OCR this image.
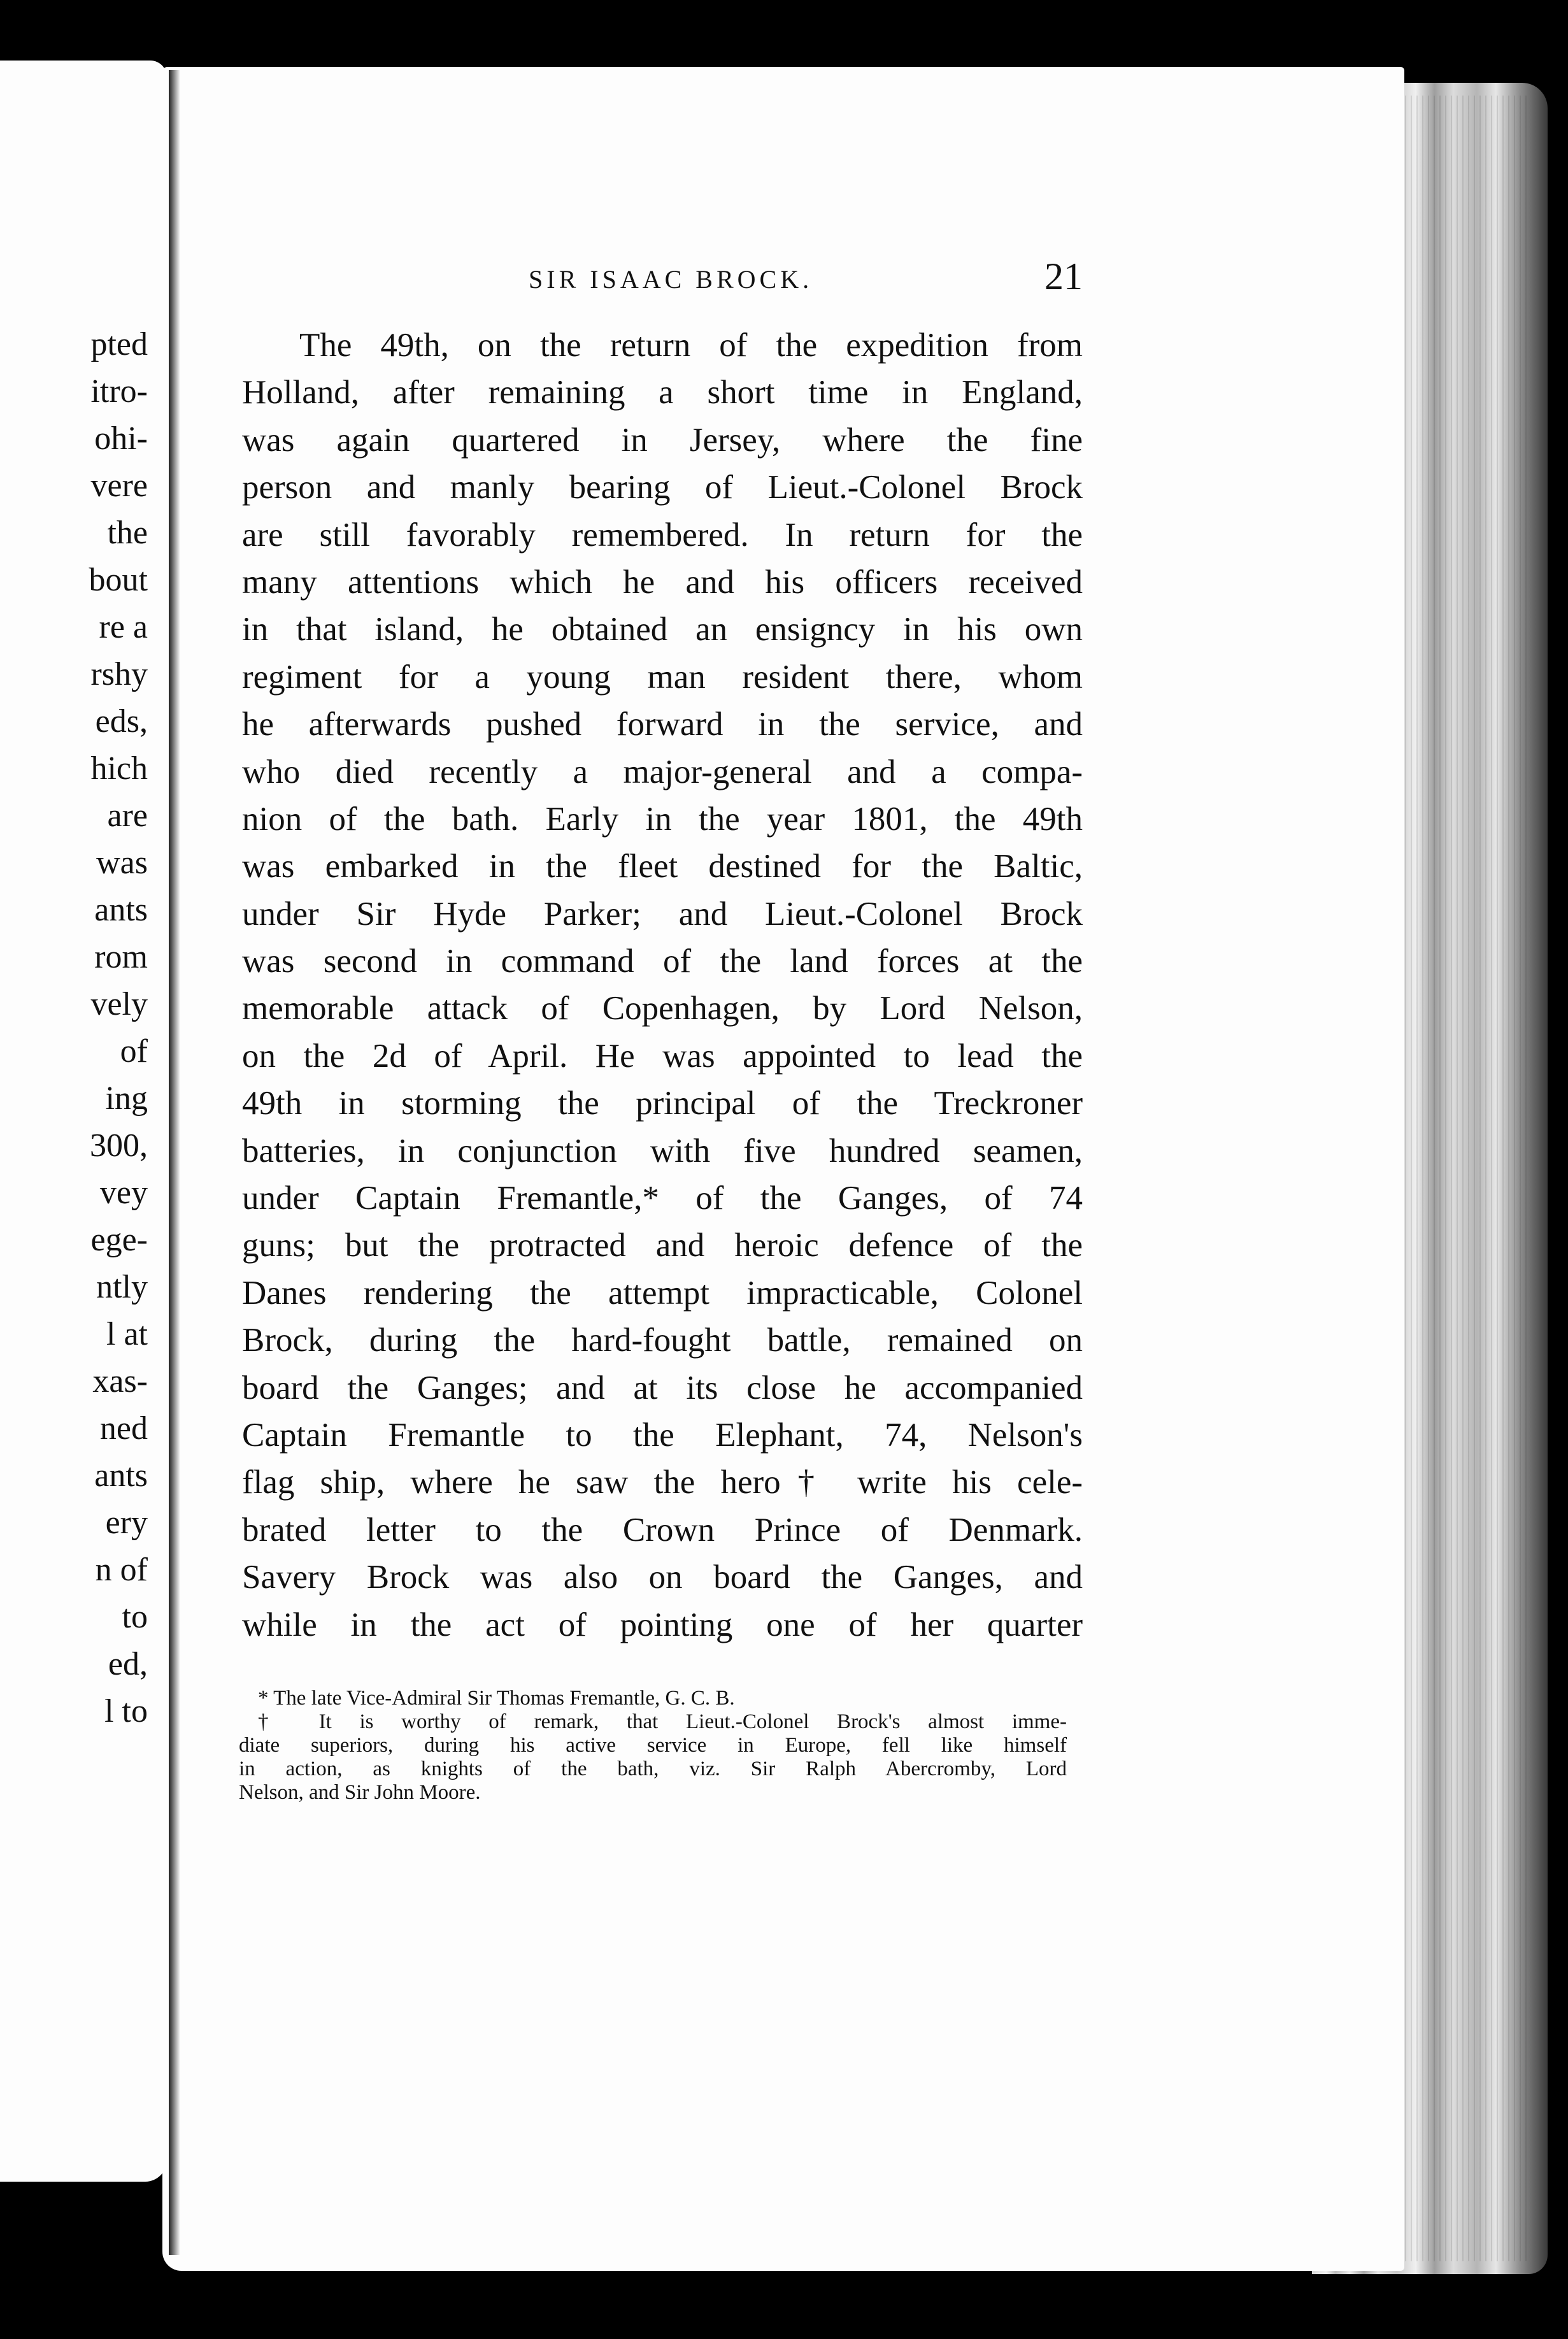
pted
itro-
ohi-
vere
the
bout
re a
rshy
eds,
hich
are
was
ants
rom
vely
of
ing
300,
vey
ege-
ntly
l at
xas-
ned
ants
ery
n of
to
ed,
l to
SIR ISAAC BROCK.	21
The 49th, on the return of the expedition from
Holland, after remaining a short time in England,
was again quartered in Jersey, where the fine
person and manly bearing of Lieut.-Colonel Brock
are still favorably remembered. In return for the
many attentions which he and his officers received
in that island, he obtained an ensigncy in his own
regiment for a young man resident there, whom
he afterwards pushed forward in the service, and
who died recently a major-general and a compa-
nion of the bath. Early in the year 1801, the 49th
was embarked in the fleet destined for the Baltic,
under Sir Hyde Parker; and Lieut.-Colonel Brock
was second in command of the land forces at the
memorable attack of Copenhagen, by Lord Nelson,
on the 2d of April. He was appointed to lead the
49th in storming the principal of the Treckroner
batteries, in conjunction with five hundred seamen,
under Captain Fremantle,* of the Ganges, of 74
guns; but the protracted and heroic defence of the
Danes rendering the attempt impracticable, Colonel
Brock, during the hard-fought battle, remained on
board the Ganges; and at its close he accompanied
Captain Fremantle to the Elephant, 74, Nelson's
flag ship, where he saw the hero† write his cele-
brated letter to the Crown Prince of Denmark.
Savery Brock was also on board the Ganges, and
while in the act of pointing one of her quarter
* The late Vice-Admiral Sir Thomas Fremantle, G. C. B.
† It is worthy of remark, that Lieut.-Colonel Brock's almost imme-
diate superiors, during his active service in Europe, fell like himself
in action, as knights of the bath, viz. Sir Ralph Abercromby, Lord
Nelson, and Sir John Moore.
